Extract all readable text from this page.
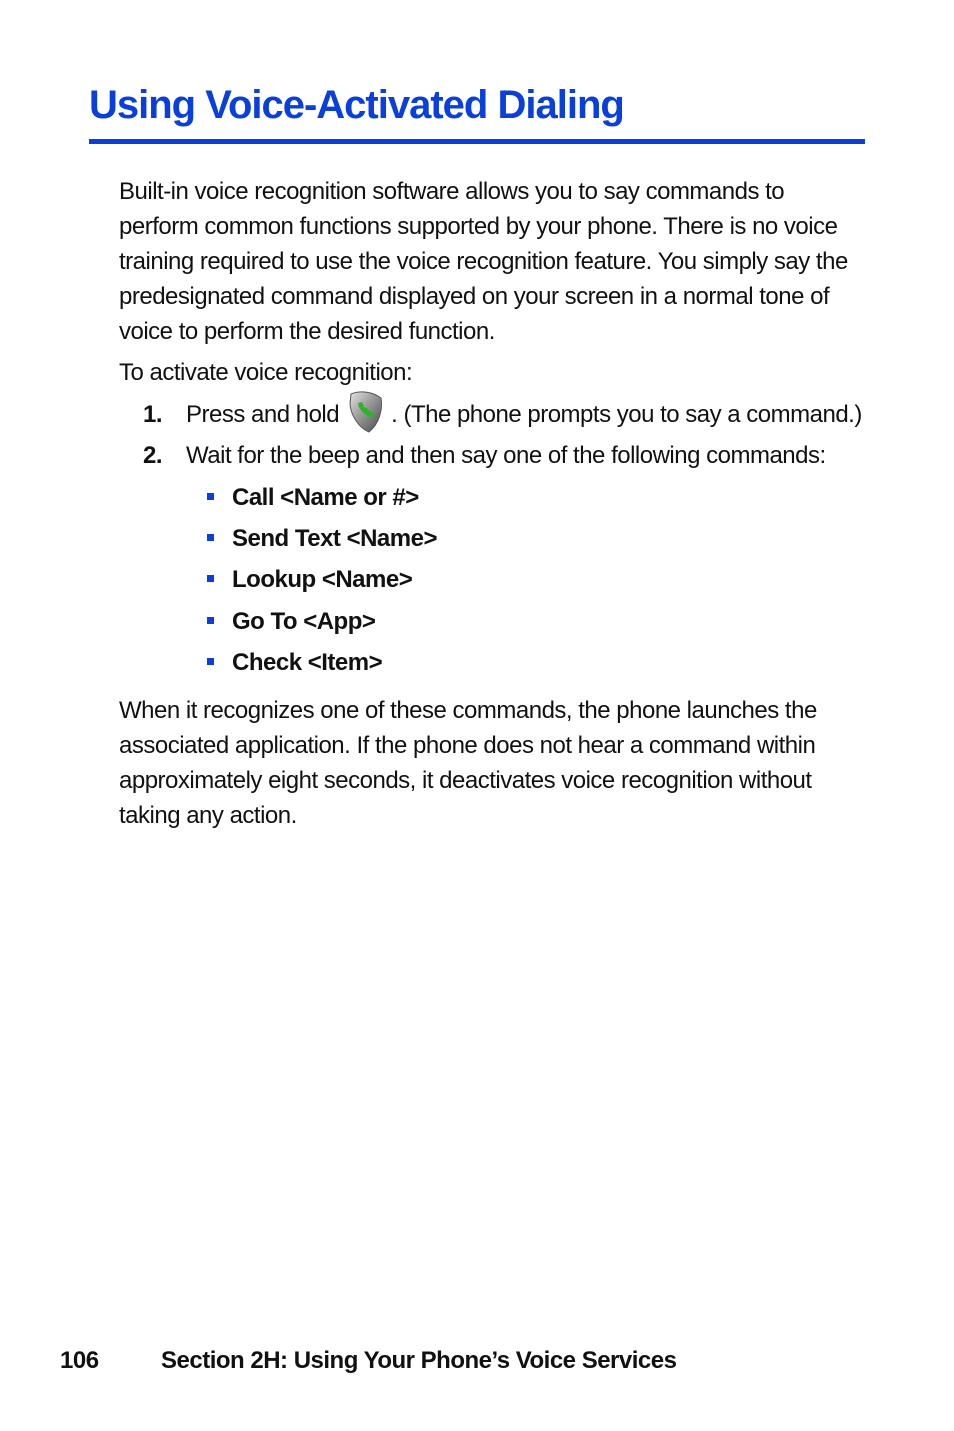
Using Voice-Activated Dialing

Built-in voice recognition software allows you to say commands to perform common functions supported by your phone. There is no voice training required to use the voice recognition feature. You simply say the predesignated command displayed on your screen in a normal tone of voice to perform the desired function.

To activate voice recognition:
1. Press and hold . (The phone prompts you to say a command.)
2. Wait for the beep and then say one of the following commands:
Call <Name or #>
Send Text <Name>
Lookup <Name>
Go To <App>
Check <Item>

When it recognizes one of these commands, the phone launches the associated application. If the phone does not hear a command within approximately eight seconds, it deactivates voice recognition without taking any action.

106	Section 2H: Using Your Phone’s Voice Services
